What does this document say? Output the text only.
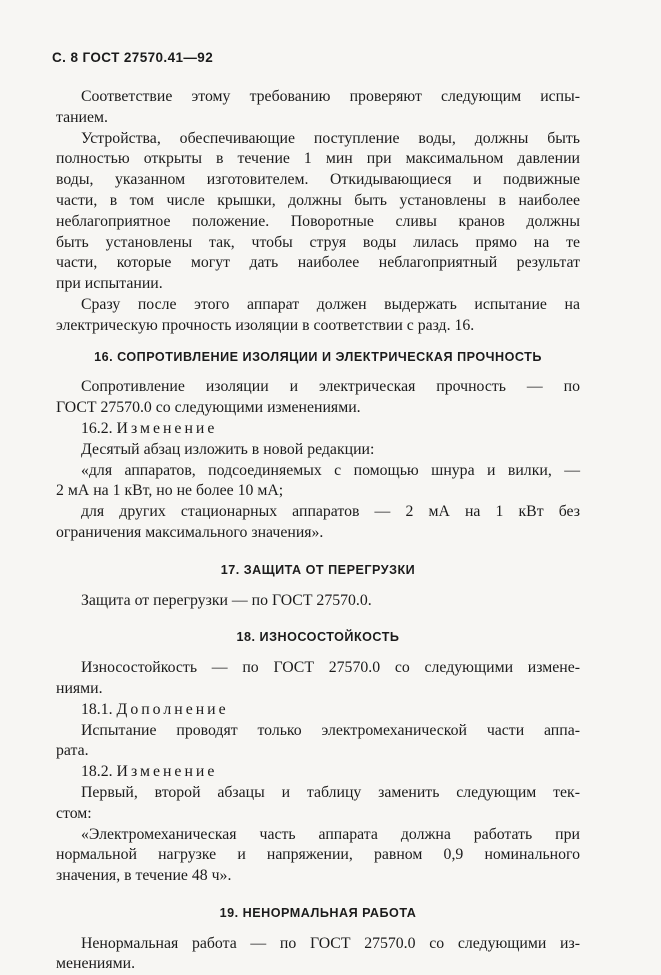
С. 8 ГОСТ 27570.41—92
Соответствие этому требованию проверяют следующим испы-
танием.
Устройства, обеспечивающие поступление воды, должны быть
полностью открыты в течение 1 мин при максимальном давлении
воды, указанном изготовителем. Откидывающиеся и подвижные
части, в том числе крышки, должны быть установлены в наиболее
неблагоприятное положение. Поворотные сливы кранов должны
быть установлены так, чтобы струя воды лилась прямо на те
части, которые могут дать наиболее неблагоприятный результат
при испытании.
Сразу после этого аппарат должен выдержать испытание на
электрическую прочность изоляции в соответствии с разд. 16.
16. СОПРОТИВЛЕНИЕ ИЗОЛЯЦИИ И ЭЛЕКТРИЧЕСКАЯ ПРОЧНОСТЬ
Сопротивление изоляции и электрическая прочность — по
ГОСТ 27570.0 со следующими изменениями.
16.2. Изменение
Десятый абзац изложить в новой редакции:
«для аппаратов, подсоединяемых с помощью шнура и вилки, —
2 мА на 1 кВт, но не более 10 мА;
для других стационарных аппаратов — 2 мА на 1 кВт без
ограничения максимального значения».
17. ЗАЩИТА ОТ ПЕРЕГРУЗКИ
Защита от перегрузки — по ГОСТ 27570.0.
18. ИЗНОСОСТОЙКОСТЬ
Износостойкость — по ГОСТ 27570.0 со следующими измене-
ниями.
18.1. Дополнение
Испытание проводят только электромеханической части аппа-
рата.
18.2. Изменение
Первый, второй абзацы и таблицу заменить следующим тек-
стом:
«Электромеханическая часть аппарата должна работать при
нормальной нагрузке и напряжении, равном 0,9 номинального
значения, в течение 48 ч».
19. НЕНОРМАЛЬНАЯ РАБОТА
Ненормальная работа — по ГОСТ 27570.0 со следующими из-
менениями.
